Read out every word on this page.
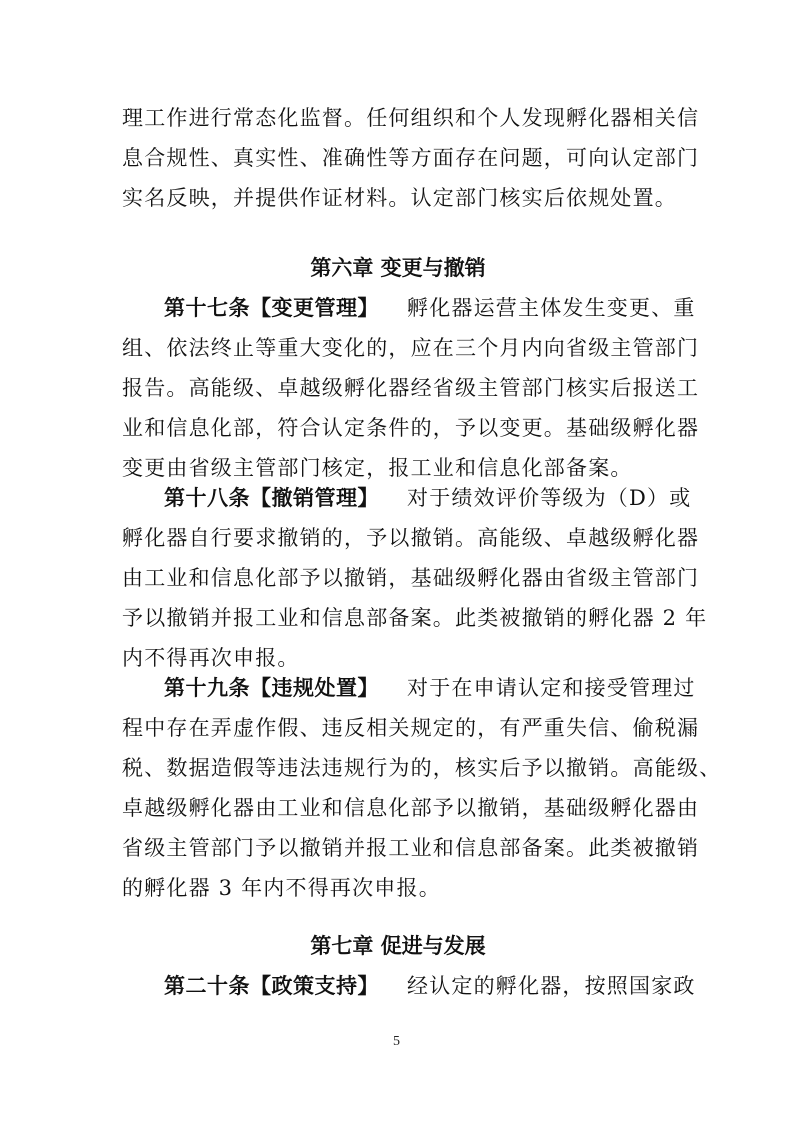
理工作进行常态化监督。任何组织和个人发现孵化器相关信
息合规性、真实性、准确性等方面存在问题，可向认定部门
实名反映，并提供作证材料。认定部门核实后依规处置。
第六章 变更与撤销
第十七条【变更管理】 孵化器运营主体发生变更、重
组、依法终止等重大变化的，应在三个月内向省级主管部门
报告。高能级、卓越级孵化器经省级主管部门核实后报送工
业和信息化部，符合认定条件的，予以变更。基础级孵化器
变更由省级主管部门核定，报工业和信息化部备案。
第十八条【撤销管理】 对于绩效评价等级为（D）或
孵化器自行要求撤销的，予以撤销。高能级、卓越级孵化器
由工业和信息化部予以撤销，基础级孵化器由省级主管部门
予以撤销并报工业和信息部备案。此类被撤销的孵化器 2 年
内不得再次申报。
第十九条【违规处置】 对于在申请认定和接受管理过
程中存在弄虚作假、违反相关规定的，有严重失信、偷税漏
税、数据造假等违法违规行为的，核实后予以撤销。高能级、
卓越级孵化器由工业和信息化部予以撤销，基础级孵化器由
省级主管部门予以撤销并报工业和信息部备案。此类被撤销
的孵化器 3 年内不得再次申报。
第七章 促进与发展
第二十条【政策支持】 经认定的孵化器，按照国家政
5
